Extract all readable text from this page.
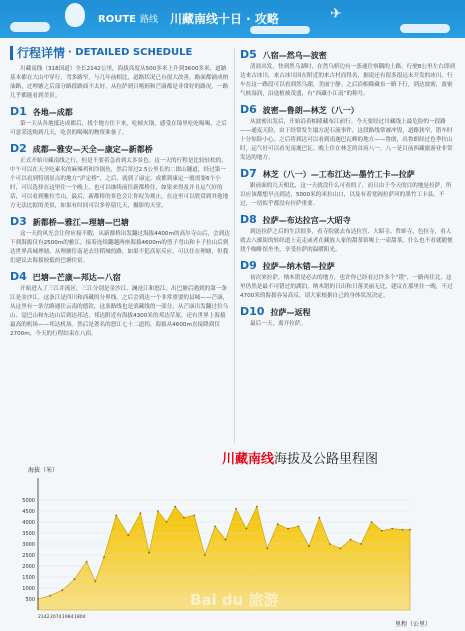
ROUTE 路线 川藏南线十日 · 攻略	✈
行程详情 · DETAILED SCHEDULE

川藏南线（318国道）全长2142公里，海拔高度从500多米上升到3600多米，道路基本都在大山中穿行，弯多路窄，与几年前相比，道路状况已有很大改善，路面都铺成柏油路，过理塘之后部分路段路面不太好。从拉萨到日喀则和芒康都是非常好的路况，一路几乎都能看到美景。

D1 各地—成都

第一天从各地抵达成都后，找个地方住下来，吃顿火锅，感受在锦里吃吃喝喝，之后可意采选购到几天，吃喜的喝喝的物资准备了。

D2 成都—雅安—天全—康定—新都桥

正式开始川藏南线之行。但是不要着急看到太多景色。这一天的行程是比较轻松的，中午可以在天全吃素名的麻辣鸡和冷锅鱼，然后穿过2.5公里长的二郎山隧道，经过第一个可以看到特别景点的地方“泸定桥”，之后，就到了康定，成都到康定一般需要6个小时，可以选择在这里住一个晚上。也可以继续前往新都桥住，如果来得及并且运气好的话，可以看到雅拉雪山，最后，新都桥的景色会让你叹为观止，在这里可以欣赏到其他地方无法比拟的美景，如果有时间可以多停留几天，摄影的天堂。

D3 新都桥—雅江—理塘—巴塘

这一天的风光会让你应接不暇，从新都桥出发翻过海拔4400m的高尔寺山后，会到达下到海拔仅有2500m的雅江，接着连续翻越两座海拔4600m的剪子弯山和卡子拉山后到达世界高城理塘。从理塘往南是去往稻城的路，如果不犯高原反应，可以住在理塘，但我们建议去海拔较低的巴塘住宿。

D4 巴塘—芒康—邦达—八宿

开始进入了三江并流区，三江分别是金沙江、澜沧江和怒江。出巴塘后遇到的第一条江是金沙江，这条江是四川和西藏的分界线，之后会到达一个非常重要的县城——芒康，从这里有一条岔路通往云南的德钦，这条路线也是滇藏线的一部分。从芒康出发翻过拉乌山、觉巴山和东达山后到达邦达，邦达附近有海拔4300米的邦达草原，还有世界上海拔最高的机场——邦达机场。然后是著名的怒江七十二道拐，海拔从4600m直接降到仅2700m，今天的行程结束在八宿。

D5 八宿—然乌—波密

清晨出发，快到然乌湖时，在然乌桥边有一条通往察隅的土路，行驶8公里左右即到达来古冰川，来古冰川因在附近的来古村而得名，据说还有很多很远未开发的冰川。行车在这一路段可以看到然乌湖，美丽宁静。之后沿帕隆藏布一路下行，到达波密，波密气候湿润，沿途植被茂盛，有“西藏小江南”的称号。

D6 波密—鲁朗—林芝（八一）

从波密出发后，开始沿着帕隆藏布江前行。今天要经过川藏线上最危险的一段路——通麦天险，由于经常发生塌方泥石流事件，这段路线常被冲毁，道路狭窄，错车时十分惊险小心。之后将到达可以看到南迦巴瓦峰的地方——鲁朗，出鲁朗经过色季拉山时，运气好可以看见南迦巴瓦。晚上住在林芝的首府八一，八一是目前西藏旅游业非常发达的地方。

D7 林芝（八一）—工布江达—墨竹工卡—拉萨

跟前面的几天相比，这一天就没什么可看的了，而且由于今天的目的地是拉萨，所以应该都想早点到达，5000米的米拉山口，以及有着宽阔拉萨河的墨竹工卡县。不过，一切似乎都没有拉萨重要。

D8 拉萨—布达拉宫—大昭寺

到达拉萨之后的生活很多，看寺院就去布达拉宫、大昭寺、哲蚌寺、色拉寺，看人就去八廓街的转经道上走走或者在藏族人家的甜茶馆喝上一壶甜茶，什么也不看就随便找个咖啡馆坐坐，享受拉萨的温暖阳光。

D9 拉萨—纳木错—拉萨

初次来拉萨，纳木错是必去的地方，也许你已经看过许多个“错”，一路再往北，这里仍然是最不可错过的湖泊。纳木错的日出和日落美丽无比，建议在那里住一晚，不过4700米的海拔容易高反，请大家根据自己的身体状况决定。

D10 拉萨—返程

最后一天，离开拉萨。

川藏南线海拔及公路里程图
海拔（米）
里程（公里）
Bai du 旅游
500
1000
1500
2000
2500
3000
3500
4000
4500
5000
2142 2074 1984 1804
